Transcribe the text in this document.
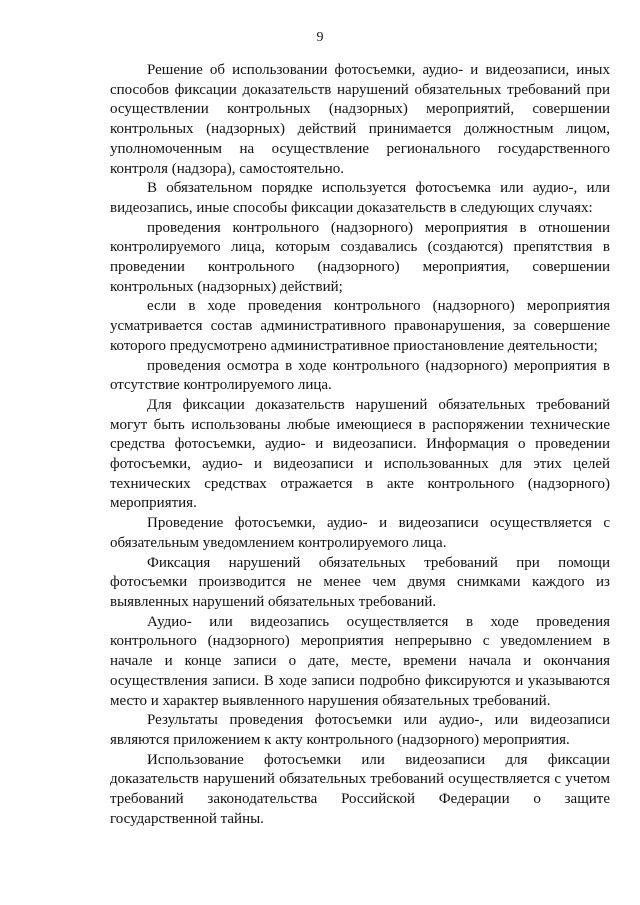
9

Решение об использовании фотосъемки, аудио- и видеозаписи, иных способов фиксации доказательств нарушений обязательных требований при осуществлении контрольных (надзорных) мероприятий, совершении контрольных (надзорных) действий принимается должностным лицом, уполномоченным на осуществление регионального государственного контроля (надзора), самостоятельно.

В обязательном порядке используется фотосъемка или аудио-, или видеозапись, иные способы фиксации доказательств в следующих случаях:

проведения контрольного (надзорного) мероприятия в отношении контролируемого лица, которым создавались (создаются) препятствия в проведении контрольного (надзорного) мероприятия, совершении контрольных (надзорных) действий;

если в ходе проведения контрольного (надзорного) мероприятия усматривается состав административного правонарушения, за совершение которого предусмотрено административное приостановление деятельности;

проведения осмотра в ходе контрольного (надзорного) мероприятия в отсутствие контролируемого лица.

Для фиксации доказательств нарушений обязательных требований могут быть использованы любые имеющиеся в распоряжении технические средства фотосъемки, аудио- и видеозаписи. Информация о проведении фотосъемки, аудио- и видеозаписи и использованных для этих целей технических средствах отражается в акте контрольного (надзорного) мероприятия.

Проведение фотосъемки, аудио- и видеозаписи осуществляется с обязательным уведомлением контролируемого лица.

Фиксация нарушений обязательных требований при помощи фотосъемки производится не менее чем двумя снимками каждого из выявленных нарушений обязательных требований.

Аудио- или видеозапись осуществляется в ходе проведения контрольного (надзорного) мероприятия непрерывно с уведомлением в начале и конце записи о дате, месте, времени начала и окончания осуществления записи. В ходе записи подробно фиксируются и указываются место и характер выявленного нарушения обязательных требований.

Результаты проведения фотосъемки или аудио-, или видеозаписи являются приложением к акту контрольного (надзорного) мероприятия.

Использование фотосъемки или видеозаписи для фиксации доказательств нарушений обязательных требований осуществляется с учетом требований законодательства Российской Федерации о защите государственной тайны.
